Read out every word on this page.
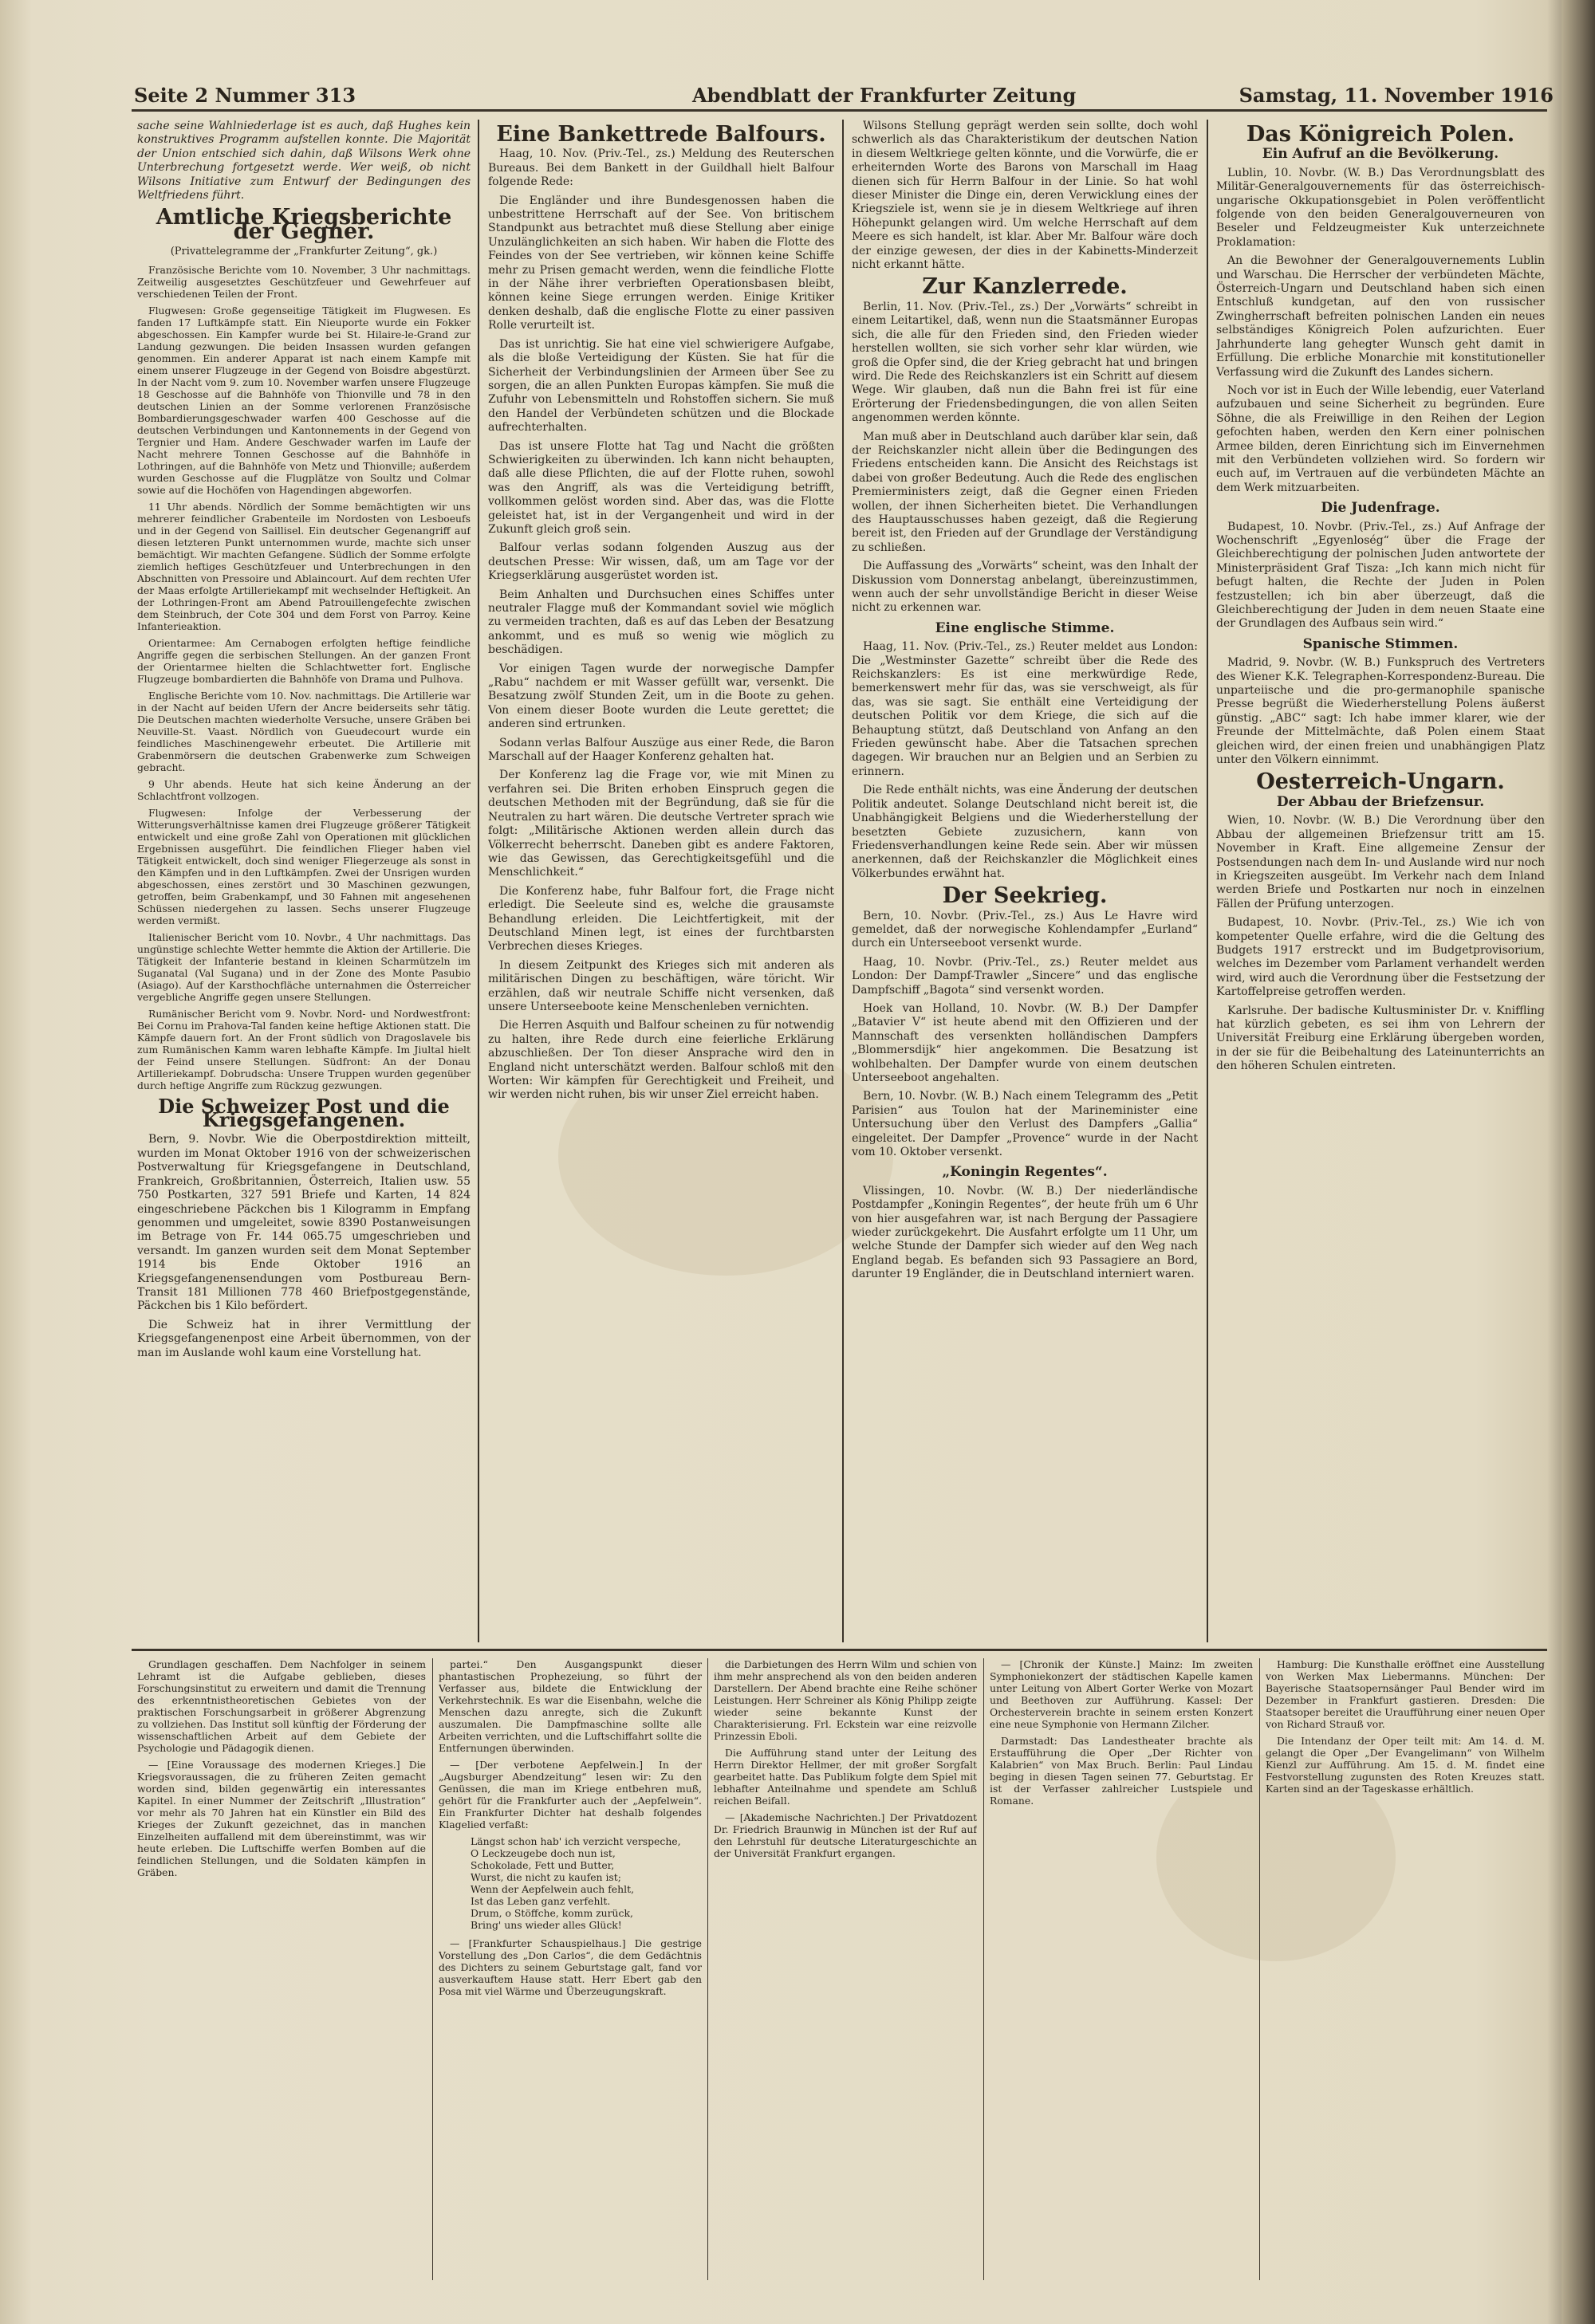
Seite 2 Nummer 313	Abendblatt der Frankfurter Zeitung	Samstag, 11. November 1916

sache seine Wahlniederlage ist es auch, daß Hughes kein konstruktives Programm aufstellen konnte. Die Majorität der Union entschied sich dahin, daß Wilsons Werk ohne Unterbrechung fortgesetzt werde. Wer weiß, ob nicht Wilsons Initiative zum Entwurf der Bedingungen des Weltfriedens führt.

Amtliche Kriegsberichte der Gegner.
(Privattelegramme der „Frankfurter Zeitung“, gk.)

Französische Berichte vom 10. November, 3 Uhr nachmittags. Zeitweilig ausgesetztes Geschützfeuer und Gewehrfeuer auf verschiedenen Teilen der Front.

Flugwesen: Große gegenseitige Tätigkeit im Flugwesen. Es fanden 17 Luftkämpfe statt. Ein Nieuporte wurde ein Fokker abgeschossen. Ein Kampfer wurde bei St. Hilaire-le-Grand zur Landung gezwungen. Die beiden Insassen wurden gefangen genommen. Ein anderer Apparat ist nach einem Kampfe mit einem unserer Flugzeuge in der Gegend von Boisdre abgestürzt. In der Nacht vom 9. zum 10. November warfen unsere Flugzeuge 18 Geschosse auf die Bahnhöfe von Thionville und 78 in den deutschen Linien an der Somme verlorenen Französische Bombardierungsgeschwader warfen 400 Geschosse auf die deutschen Verbindungen und Kantonnements in der Gegend von Tergnier und Ham. Andere Geschwader warfen im Laufe der Nacht mehrere Tonnen Geschosse auf die Bahnhöfe in Lothringen, auf die Bahnhöfe von Metz und Thionville; außerdem wurden Geschosse auf die Flugplätze von Soultz und Colmar sowie auf die Hochöfen von Hagendingen abgeworfen.

11 Uhr abends. Nördlich der Somme bemächtigten wir uns mehrerer feindlicher Grabenteile im Nordosten von Lesboeufs und in der Gegend von Saillisel. Ein deutscher Gegenangriff auf diesen letzteren Punkt unternommen wurde, machte sich unser bemächtigt. Wir machten Gefangene. Südlich der Somme erfolgte ziemlich heftiges Geschützfeuer und Unterbrechungen in den Abschnitten von Pressoire und Ablaincourt. Auf dem rechten Ufer der Maas erfolgte Artilleriekampf mit wechselnder Heftigkeit. An der Lothringen-Front am Abend Patrouillengefechte zwischen dem Steinbruch, der Cote 304 und dem Forst von Parroy. Keine Infanterieaktion.

Orientarmee: Am Cernabogen erfolgten heftige feindliche Angriffe gegen die serbischen Stellungen. An der ganzen Front der Orientarmee hielten die Schlachtwetter fort. Englische Flugzeuge bombardierten die Bahnhöfe von Drama und Pulhova.

Englische Berichte vom 10. Nov. nachmittags. Die Artillerie war in der Nacht auf beiden Ufern der Ancre beiderseits sehr tätig. Die Deutschen machten wiederholte Versuche, unsere Gräben bei Neuville-St. Vaast. Nördlich von Gueudecourt wurde ein feindliches Maschinengewehr erbeutet. Die Artillerie mit Grabenmörsern die deutschen Grabenwerke zum Schweigen gebracht.

9 Uhr abends. Heute hat sich keine Änderung an der Schlachtfront vollzogen.

Flugwesen: Infolge der Verbesserung der Witterungsverhältnisse kamen drei Flugzeuge größerer Tätigkeit entwickelt und eine große Zahl von Operationen mit glücklichen Ergebnissen ausgeführt. Die feindlichen Flieger haben viel Tätigkeit entwickelt, doch sind weniger Fliegerzeuge als sonst in den Kämpfen und in den Luftkämpfen. Zwei der Unsrigen wurden abgeschossen, eines zerstört und 30 Maschinen gezwungen, getroffen, beim Grabenkampf, und 30 Fahnen mit angesehenen Schüssen niedergehen zu lassen. Sechs unserer Flugzeuge werden vermißt.

Italienischer Bericht vom 10. Novbr., 4 Uhr nachmittags. Das ungünstige schlechte Wetter hemmte die Aktion der Artillerie. Die Tätigkeit der Infanterie bestand in kleinen Scharmützeln im Suganatal (Val Sugana) und in der Zone des Monte Pasubio (Asiago). Auf der Karsthochfläche unternahmen die Österreicher vergebliche Angriffe gegen unsere Stellungen.

Rumänischer Bericht vom 9. Novbr. Nord- und Nordwestfront: Bei Cornu im Prahova-Tal fanden keine heftige Aktionen statt. Die Kämpfe dauern fort. An der Front südlich von Dragoslavele bis zum Rumänischen Kamm waren lebhafte Kämpfe. Im Jiultal hielt der Feind unsere Stellungen. Südfront: An der Donau Artilleriekampf. Dobrudscha: Unsere Truppen wurden gegenüber durch heftige Angriffe zum Rückzug gezwungen.

Die Schweizer Post und die Kriegsgefangenen.

Bern, 9. Novbr. Wie die Oberpostdirektion mitteilt, wurden im Monat Oktober 1916 von der schweizerischen Postverwaltung für Kriegsgefangene in Deutschland, Frankreich, Großbritannien, Österreich, Italien usw. 55 750 Postkarten, 327 591 Briefe und Karten, 14 824 eingeschriebene Päckchen bis 1 Kilogramm in Empfang genommen und umgeleitet, sowie 8390 Postanweisungen im Betrage von Fr. 144 065.75 umgeschrieben und versandt. Im ganzen wurden seit dem Monat September 1914 bis Ende Oktober 1916 an Kriegsgefangenensendungen vom Postbureau Bern-Transit 181 Millionen 778 460 Briefpostgegenstände, Päckchen bis 1 Kilo befördert.

Die Schweiz hat in ihrer Vermittlung der Kriegsgefangenenpost eine Arbeit übernommen, von der man im Auslande wohl kaum eine Vorstellung hat.

Eine Bankettrede Balfours.

Haag, 10. Nov. (Priv.-Tel., zs.) Meldung des Reuterschen Bureaus. Bei dem Bankett in der Guildhall hielt Balfour folgende Rede:

Die Engländer und ihre Bundesgenossen haben die unbestrittene Herrschaft auf der See. Von britischem Standpunkt aus betrachtet muß diese Stellung aber einige Unzulänglichkeiten an sich haben. Wir haben die Flotte des Feindes von der See vertrieben, wir können keine Schiffe mehr zu Prisen gemacht werden, wenn die feindliche Flotte in der Nähe ihrer verbrieften Operationsbasen bleibt, können keine Siege errungen werden. Einige Kritiker denken deshalb, daß die englische Flotte zu einer passiven Rolle verurteilt ist.

Das ist unrichtig. Sie hat eine viel schwierigere Aufgabe, als die bloße Verteidigung der Küsten. Sie hat für die Sicherheit der Verbindungslinien der Armeen über See zu sorgen, die an allen Punkten Europas kämpfen. Sie muß die Zufuhr von Lebensmitteln und Rohstoffen sichern. Sie muß den Handel der Verbündeten schützen und die Blockade aufrechterhalten.

Das ist unsere Flotte hat Tag und Nacht die größten Schwierigkeiten zu überwinden. Ich kann nicht behaupten, daß alle diese Pflichten, die auf der Flotte ruhen, sowohl was den Angriff, als was die Verteidigung betrifft, vollkommen gelöst worden sind. Aber das, was die Flotte geleistet hat, ist in der Vergangenheit und wird in der Zukunft gleich groß sein.

Balfour verlas sodann folgenden Auszug aus der deutschen Presse: Wir wissen, daß, um am Tage vor der Kriegserklärung ausgerüstet worden ist.

Beim Anhalten und Durchsuchen eines Schiffes unter neutraler Flagge muß der Kommandant soviel wie möglich zu vermeiden trachten, daß es auf das Leben der Besatzung ankommt, und es muß so wenig wie möglich zu beschädigen.

Vor einigen Tagen wurde der norwegische Dampfer „Rabu“ nachdem er mit Wasser gefüllt war, versenkt. Die Besatzung zwölf Stunden Zeit, um in die Boote zu gehen. Von einem dieser Boote wurden die Leute gerettet; die anderen sind ertrunken.

Sodann verlas Balfour Auszüge aus einer Rede, die Baron Marschall auf der Haager Konferenz gehalten hat.

Der Konferenz lag die Frage vor, wie mit Minen zu verfahren sei. Die Briten erhoben Einspruch gegen die deutschen Methoden mit der Begründung, daß sie für die Neutralen zu hart wären. Die deutsche Vertreter sprach wie folgt: „Militärische Aktionen werden allein durch das Völkerrecht beherrscht. Daneben gibt es andere Faktoren, wie das Gewissen, das Gerechtigkeitsgefühl und die Menschlichkeit.“

Die Konferenz habe, fuhr Balfour fort, die Frage nicht erledigt. Die Seeleute sind es, welche die grausamste Behandlung erleiden. Die Leichtfertigkeit, mit der Deutschland Minen legt, ist eines der furchtbarsten Verbrechen dieses Krieges.

In diesem Zeitpunkt des Krieges sich mit anderen als militärischen Dingen zu beschäftigen, wäre töricht. Wir erzählen, daß wir neutrale Schiffe nicht versenken, daß unsere Unterseeboote keine Menschenleben vernichten.

Die Herren Asquith und Balfour scheinen zu für notwendig zu halten, ihre Rede durch eine feierliche Erklärung abzuschließen. Der Ton dieser Ansprache wird den in England nicht unterschätzt werden. Balfour schloß mit den Worten: Wir kämpfen für Gerechtigkeit und Freiheit, und wir werden nicht ruhen, bis wir unser Ziel erreicht haben.

Wilsons Stellung geprägt werden sein sollte, doch wohl schwerlich als das Charakteristikum der deutschen Nation in diesem Weltkriege gelten könnte, und die Vorwürfe, die er erheiternden Worte des Barons von Marschall im Haag dienen sich für Herrn Balfour in der Linie. So hat wohl dieser Minister die Dinge ein, deren Verwicklung eines der Kriegsziele ist, wenn sie je in diesem Weltkriege auf ihren Höhepunkt gelangen wird. Um welche Herrschaft auf dem Meere es sich handelt, ist klar. Aber Mr. Balfour wäre doch der einzige gewesen, der dies in der Kabinetts-Minderzeit nicht erkannt hätte.

Zur Kanzlerrede.

Berlin, 11. Nov. (Priv.-Tel., zs.) Der „Vorwärts“ schreibt in einem Leitartikel, daß, wenn nun die Staatsmänner Europas sich, die alle für den Frieden sind, den Frieden wieder herstellen wollten, sie sich vorher sehr klar würden, wie groß die Opfer sind, die der Krieg gebracht hat und bringen wird. Die Rede des Reichskanzlers ist ein Schritt auf diesem Wege. Wir glauben, daß nun die Bahn frei ist für eine Erörterung der Friedensbedingungen, die von allen Seiten angenommen werden könnte.

Man muß aber in Deutschland auch darüber klar sein, daß der Reichskanzler nicht allein über die Bedingungen des Friedens entscheiden kann. Die Ansicht des Reichstags ist dabei von großer Bedeutung. Auch die Rede des englischen Premierministers zeigt, daß die Gegner einen Frieden wollen, der ihnen Sicherheiten bietet. Die Verhandlungen des Hauptausschusses haben gezeigt, daß die Regierung bereit ist, den Frieden auf der Grundlage der Verständigung zu schließen.

Die Auffassung des „Vorwärts“ scheint, was den Inhalt der Diskussion vom Donnerstag anbelangt, übereinzustimmen, wenn auch der sehr unvollständige Bericht in dieser Weise nicht zu erkennen war.

Eine englische Stimme.

Haag, 11. Nov. (Priv.-Tel., zs.) Reuter meldet aus London: Die „Westminster Gazette“ schreibt über die Rede des Reichskanzlers: Es ist eine merkwürdige Rede, bemerkenswert mehr für das, was sie verschweigt, als für das, was sie sagt. Sie enthält eine Verteidigung der deutschen Politik vor dem Kriege, die sich auf die Behauptung stützt, daß Deutschland von Anfang an den Frieden gewünscht habe. Aber die Tatsachen sprechen dagegen. Wir brauchen nur an Belgien und an Serbien zu erinnern.

Die Rede enthält nichts, was eine Änderung der deutschen Politik andeutet. Solange Deutschland nicht bereit ist, die Unabhängigkeit Belgiens und die Wiederherstellung der besetzten Gebiete zuzusichern, kann von Friedensverhandlungen keine Rede sein. Aber wir müssen anerkennen, daß der Reichskanzler die Möglichkeit eines Völkerbundes erwähnt hat.

Der Seekrieg.

Bern, 10. Novbr. (Priv.-Tel., zs.) Aus Le Havre wird gemeldet, daß der norwegische Kohlendampfer „Eurland“ durch ein Unterseeboot versenkt wurde.

Haag, 10. Novbr. (Priv.-Tel., zs.) Reuter meldet aus London: Der Dampf-Trawler „Sincere“ und das englische Dampfschiff „Bagota“ sind versenkt worden.

Hoek van Holland, 10. Novbr. (W. B.) Der Dampfer „Batavier V“ ist heute abend mit den Offizieren und der Mannschaft des versenkten holländischen Dampfers „Blommersdijk“ hier angekommen. Die Besatzung ist wohlbehalten. Der Dampfer wurde von einem deutschen Unterseeboot angehalten.

Bern, 10. Novbr. (W. B.) Nach einem Telegramm des „Petit Parisien“ aus Toulon hat der Marineminister eine Untersuchung über den Verlust des Dampfers „Gallia“ eingeleitet. Der Dampfer „Provence“ wurde in der Nacht vom 10. Oktober versenkt.

„Koningin Regentes“.

Vlissingen, 10. Novbr. (W. B.) Der niederländische Postdampfer „Koningin Regentes“, der heute früh um 6 Uhr von hier ausgefahren war, ist nach Bergung der Passagiere wieder zurückgekehrt. Die Ausfahrt erfolgte um 11 Uhr, um welche Stunde der Dampfer sich wieder auf den Weg nach England begab. Es befanden sich 93 Passagiere an Bord, darunter 19 Engländer, die in Deutschland interniert waren.

Das Königreich Polen.
Ein Aufruf an die Bevölkerung.

Lublin, 10. Novbr. (W. B.) Das Verordnungsblatt des Militär-Generalgouvernements für das österreichisch-ungarische Okkupationsgebiet in Polen veröffentlicht folgende von den beiden Generalgouverneuren von Beseler und Feldzeugmeister Kuk unterzeichnete Proklamation:

An die Bewohner der Generalgouvernements Lublin und Warschau. Die Herrscher der verbündeten Mächte, Österreich-Ungarn und Deutschland haben sich einen Entschluß kundgetan, auf den von russischer Zwingherrschaft befreiten polnischen Landen ein neues selbständiges Königreich Polen aufzurichten. Euer Jahrhunderte lang gehegter Wunsch geht damit in Erfüllung. Die erbliche Monarchie mit konstitutioneller Verfassung wird die Zukunft des Landes sichern.

Noch vor ist in Euch der Wille lebendig, euer Vaterland aufzubauen und seine Sicherheit zu begründen. Eure Söhne, die als Freiwillige in den Reihen der Legion gefochten haben, werden den Kern einer polnischen Armee bilden, deren Einrichtung sich im Einvernehmen mit den Verbündeten vollziehen wird. So fordern wir euch auf, im Vertrauen auf die verbündeten Mächte an dem Werk mitzuarbeiten.

Die Judenfrage.

Budapest, 10. Novbr. (Priv.-Tel., zs.) Auf Anfrage der Wochenschrift „Egyenloség“ über die Frage der Gleichberechtigung der polnischen Juden antwortete der Ministerpräsident Graf Tisza: „Ich kann mich nicht für befugt halten, die Rechte der Juden in Polen festzustellen; ich bin aber überzeugt, daß die Gleichberechtigung der Juden in dem neuen Staate eine der Grundlagen des Aufbaus sein wird.“

Spanische Stimmen.

Madrid, 9. Novbr. (W. B.) Funkspruch des Vertreters des Wiener K.K. Telegraphen-Korrespondenz-Bureau. Die unparteiische und die pro-germanophile spanische Presse begrüßt die Wiederherstellung Polens äußerst günstig. „ABC“ sagt: Ich habe immer klarer, wie der Freunde der Mittelmächte, daß Polen einem Staat gleichen wird, der einen freien und unabhängigen Platz unter den Völkern einnimmt.

Oesterreich-Ungarn.
Der Abbau der Briefzensur.

Wien, 10. Novbr. (W. B.) Die Verordnung über den Abbau der allgemeinen Briefzensur tritt am 15. November in Kraft. Eine allgemeine Zensur der Postsendungen nach dem In- und Auslande wird nur noch in Kriegszeiten ausgeübt. Im Verkehr nach dem Inland werden Briefe und Postkarten nur noch in einzelnen Fällen der Prüfung unterzogen.

Budapest, 10. Novbr. (Priv.-Tel., zs.) Wie ich von kompetenter Quelle erfahre, wird die die Geltung des Budgets 1917 erstreckt und im Budgetprovisorium, welches im Dezember vom Parlament verhandelt werden wird, wird auch die Verordnung über die Festsetzung der Kartoffelpreise getroffen werden.

Karlsruhe. Der badische Kultusminister Dr. v. Kniffling hat kürzlich gebeten, es sei ihm von Lehrern der Universität Freiburg eine Erklärung übergeben worden, in der sie für die Beibehaltung des Lateinunterrichts an den höheren Schulen eintreten.

Grundlagen geschaffen. Dem Nachfolger in seinem Lehramt ist die Aufgabe geblieben, dieses Forschungsinstitut zu erweitern und damit die Trennung des erkenntnistheoretischen Gebietes von der praktischen Forschungsarbeit in größerer Abgrenzung zu vollziehen. Das Institut soll künftig der Förderung der wissenschaftlichen Arbeit auf dem Gebiete der Psychologie und Pädagogik dienen.

— [Eine Voraussage des modernen Krieges.] Die Kriegsvoraussagen, die zu früheren Zeiten gemacht worden sind, bilden gegenwärtig ein interessantes Kapitel. In einer Nummer der Zeitschrift „Illustration“ vor mehr als 70 Jahren hat ein Künstler ein Bild des Krieges der Zukunft gezeichnet, das in manchen Einzelheiten auffallend mit dem übereinstimmt, was wir heute erleben. Die Luftschiffe werfen Bomben auf die feindlichen Stellungen, und die Soldaten kämpfen in Gräben.

partei.“ Den Ausgangspunkt dieser phantastischen Prophezeiung, so führt der Verfasser aus, bildete die Entwicklung der Verkehrstechnik. Es war die Eisenbahn, welche die Menschen dazu anregte, sich die Zukunft auszumalen. Die Dampfmaschine sollte alle Arbeiten verrichten, und die Luftschiffahrt sollte die Entfernungen überwinden.

— [Der verbotene Aepfelwein.] In der „Augsburger Abendzeitung“ lesen wir: Zu den Genüssen, die man im Kriege entbehren muß, gehört für die Frankfurter auch der „Aepfelwein“. Ein Frankfurter Dichter hat deshalb folgendes Klagelied verfaßt:

Längst schon hab' ich verzicht verspeche,
O Leckzeugebe doch nun ist,
Schokolade, Fett und Butter,
Wurst, die nicht zu kaufen ist;
Wenn der Aepfelwein auch fehlt,
Ist das Leben ganz verfehlt.
Drum, o Stöffche, komm zurück,
Bring' uns wieder alles Glück!

— [Frankfurter Schauspielhaus.] Die gestrige Vorstellung des „Don Carlos“, die dem Gedächtnis des Dichters zu seinem Geburtstage galt, fand vor ausverkauftem Hause statt. Herr Ebert gab den Posa mit viel Wärme und Überzeugungskraft.

die Darbietungen des Herrn Wilm und schien von ihm mehr ansprechend als von den beiden anderen Darstellern. Der Abend brachte eine Reihe schöner Leistungen. Herr Schreiner als König Philipp zeigte wieder seine bekannte Kunst der Charakterisierung. Frl. Eckstein war eine reizvolle Prinzessin Eboli.

Die Aufführung stand unter der Leitung des Herrn Direktor Hellmer, der mit großer Sorgfalt gearbeitet hatte. Das Publikum folgte dem Spiel mit lebhafter Anteilnahme und spendete am Schluß reichen Beifall.

— [Akademische Nachrichten.] Der Privatdozent Dr. Friedrich Braunwig in München ist der Ruf auf den Lehrstuhl für deutsche Literaturgeschichte an der Universität Frankfurt ergangen.

— [Chronik der Künste.] Mainz: Im zweiten Symphoniekonzert der städtischen Kapelle kamen unter Leitung von Albert Gorter Werke von Mozart und Beethoven zur Aufführung. Kassel: Der Orchesterverein brachte in seinem ersten Konzert eine neue Symphonie von Hermann Zilcher.

Darmstadt: Das Landestheater brachte als Erstaufführung die Oper „Der Richter von Kalabrien“ von Max Bruch. Berlin: Paul Lindau beging in diesen Tagen seinen 77. Geburtstag. Er ist der Verfasser zahlreicher Lustspiele und Romane.

Hamburg: Die Kunsthalle eröffnet eine Ausstellung von Werken Max Liebermanns. München: Der Bayerische Staatsopernsänger Paul Bender wird im Dezember in Frankfurt gastieren. Dresden: Die Staatsoper bereitet die Uraufführung einer neuen Oper von Richard Strauß vor.

Die Intendanz der Oper teilt mit: Am 14. d. M. gelangt die Oper „Der Evangelimann“ von Wilhelm Kienzl zur Aufführung. Am 15. d. M. findet eine Festvorstellung zugunsten des Roten Kreuzes statt. Karten sind an der Tageskasse erhältlich.
